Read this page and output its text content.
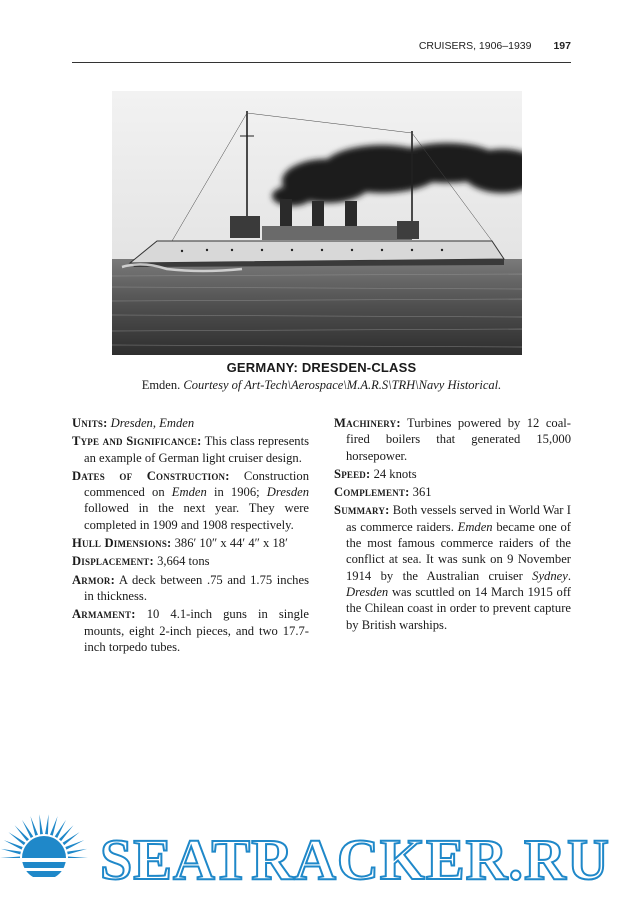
CRUISERS, 1906–1939 197
GERMANY: DRESDEN-CLASS
Emden. Courtesy of Art-Tech\Aerospace\M.A.R.S\TRH\Navy Historical.

Units: Dresden, Emden

Type and Significance: This class represents an example of German light cruiser design.

Dates of Construction: Construction commenced on Emden in 1906; Dresden followed in the next year. They were completed in 1909 and 1908 respectively.

Hull Dimensions: 386′ 10″ x 44′ 4″ x 18′

Displacement: 3,664 tons

Armor: A deck between .75 and 1.75 inches in thickness.

Armament: 10 4.1-inch guns in single mounts, eight 2-inch pieces, and two 17.7-inch torpedo tubes.

Machinery: Turbines powered by 12 coal-fired boilers that generated 15,000 horsepower.

Speed: 24 knots

Complement: 361

Summary: Both vessels served in World War I as commerce raiders. Emden became one of the most famous commerce raiders of the conflict at sea. It was sunk on 9 November 1914 by the Australian cruiser Sydney. Dresden was scuttled on 14 March 1915 off the Chilean coast in order to prevent capture by British warships.

SEATRACKER.RU
